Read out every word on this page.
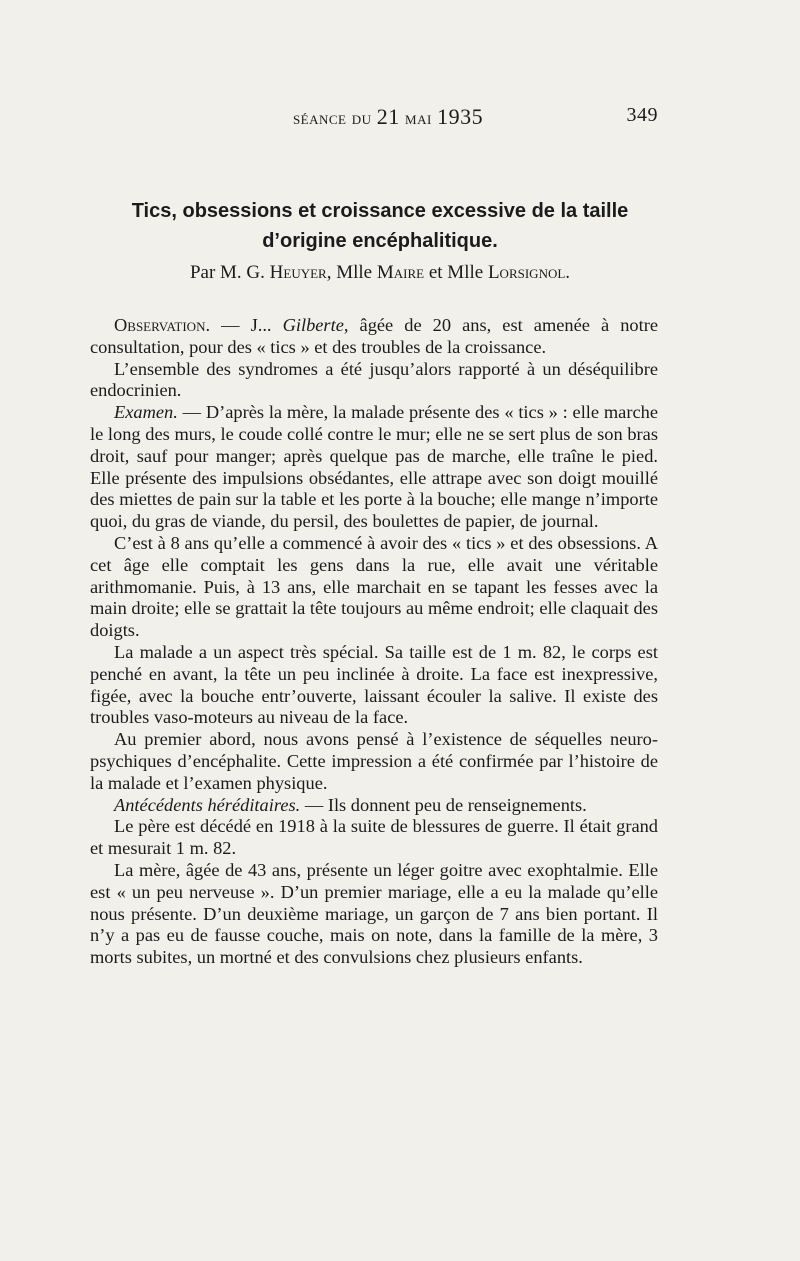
séance du 21 mai 1935	349
Tics, obsessions et croissance excessive de la taille
d’origine encéphalitique.
Par M. G. Heuyer, Mlle Maire et Mlle Lorsignol.

Observation. — J... Gilberte, âgée de 20 ans, est amenée à notre consultation, pour des « tics » et des troubles de la croissance.

L’ensemble des syndromes a été jusqu’alors rapporté à un déséquilibre endocrinien.

Examen. — D’après la mère, la malade présente des « tics » : elle marche le long des murs, le coude collé contre le mur; elle ne se sert plus de son bras droit, sauf pour manger; après quelque pas de marche, elle traîne le pied. Elle présente des impulsions obsédantes, elle attrape avec son doigt mouillé des miettes de pain sur la table et les porte à la bouche; elle mange n’importe quoi, du gras de viande, du persil, des boulettes de papier, de journal.

C’est à 8 ans qu’elle a commencé à avoir des « tics » et des obsessions. A cet âge elle comptait les gens dans la rue, elle avait une véritable arithmomanie. Puis, à 13 ans, elle marchait en se tapant les fesses avec la main droite; elle se grattait la tête toujours au même endroit; elle claquait des doigts.

La malade a un aspect très spécial. Sa taille est de 1 m. 82, le corps est penché en avant, la tête un peu inclinée à droite. La face est inexpressive, figée, avec la bouche entr’ouverte, laissant écouler la salive. Il existe des troubles vaso-moteurs au niveau de la face.

Au premier abord, nous avons pensé à l’existence de séquelles neuro-psychiques d’encéphalite. Cette impression a été confirmée par l’histoire de la malade et l’examen physique.

Antécédents héréditaires. — Ils donnent peu de renseignements.

Le père est décédé en 1918 à la suite de blessures de guerre. Il était grand et mesurait 1 m. 82.

La mère, âgée de 43 ans, présente un léger goitre avec exophtalmie. Elle est « un peu nerveuse ». D’un premier mariage, elle a eu la malade qu’elle nous présente. D’un deuxième mariage, un garçon de 7 ans bien portant. Il n’y a pas eu de fausse couche, mais on note, dans la famille de la mère, 3 morts subites, un mortné et des convulsions chez plusieurs enfants.
